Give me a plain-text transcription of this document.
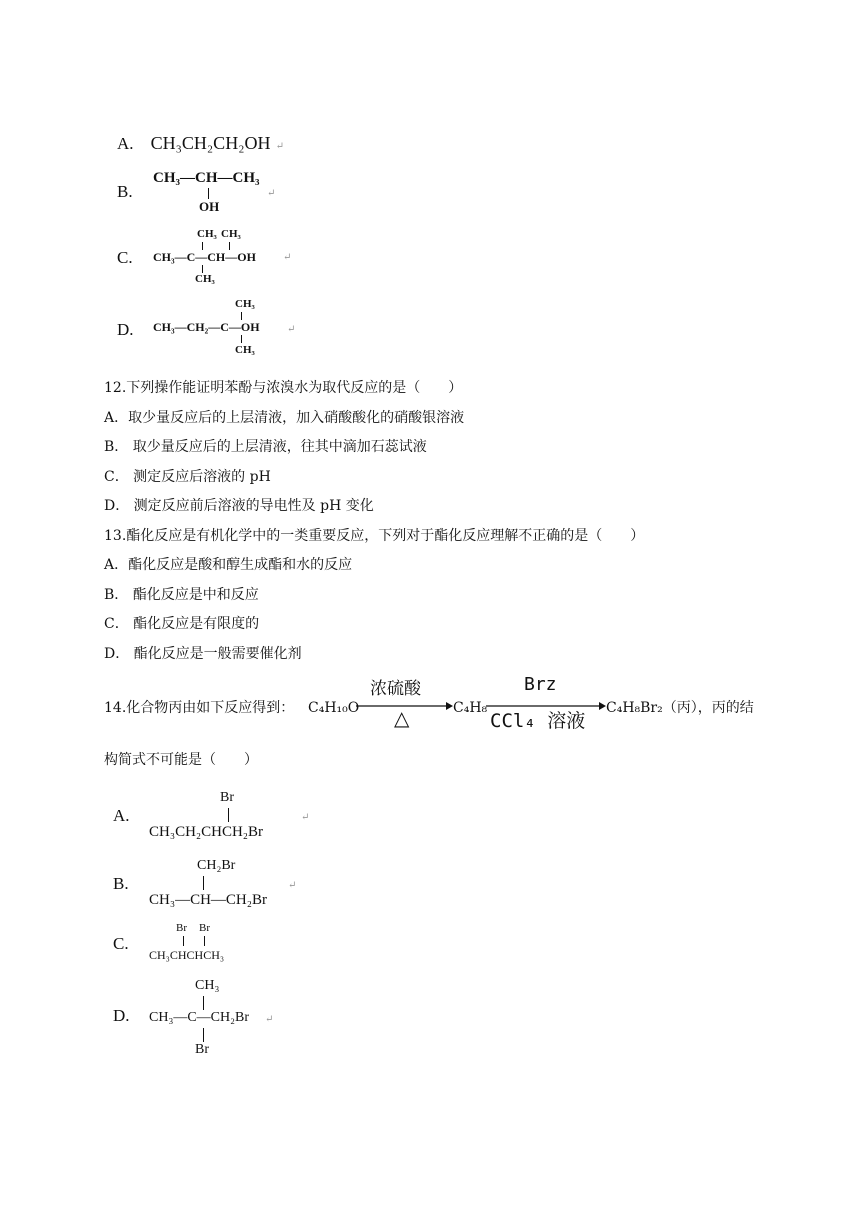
A. CH₃CH₂CH₂OH ↵
B.
CH₃—CH—CH₃
OH
↵
C.
CH₃ CH₃
CH₃—C—CH—OH
CH₃
↵
D.
CH₃
CH₃—CH₂—C—OH
CH₃
↵
12.下列操作能证明苯酚与浓溴水为取代反应的是（　　）
A．取少量反应后的上层清液，加入硝酸酸化的硝酸银溶液
B． 取少量反应后的上层清液，往其中滴加石蕊试液
C． 测定反应后溶液的 pH
D． 测定反应前后溶液的导电性及 pH 变化
13.酯化反应是有机化学中的一类重要反应，下列对于酯化反应理解不正确的是（　　）
A．酯化反应是酸和醇生成酯和水的反应
B． 酯化反应是中和反应
C． 酯化反应是有限度的
D． 酯化反应是一般需要催化剂
14.化合物丙由如下反应得到： C₄H₁₀O
浓硫酸
△	C₄H₈
Brz
CCl₄ 溶液
C₄H₈Br₂（丙），丙的结
构简式不可能是（　　）
A.
Br
CH₃CH₂CHCH₂Br
↵
B.
CH₂Br
CH₃—CH—CH₂Br
↵
C.
Br Br
CH₃CHCHCH₃
D.
CH₃
CH₃—C—CH₂Br
Br
↵
